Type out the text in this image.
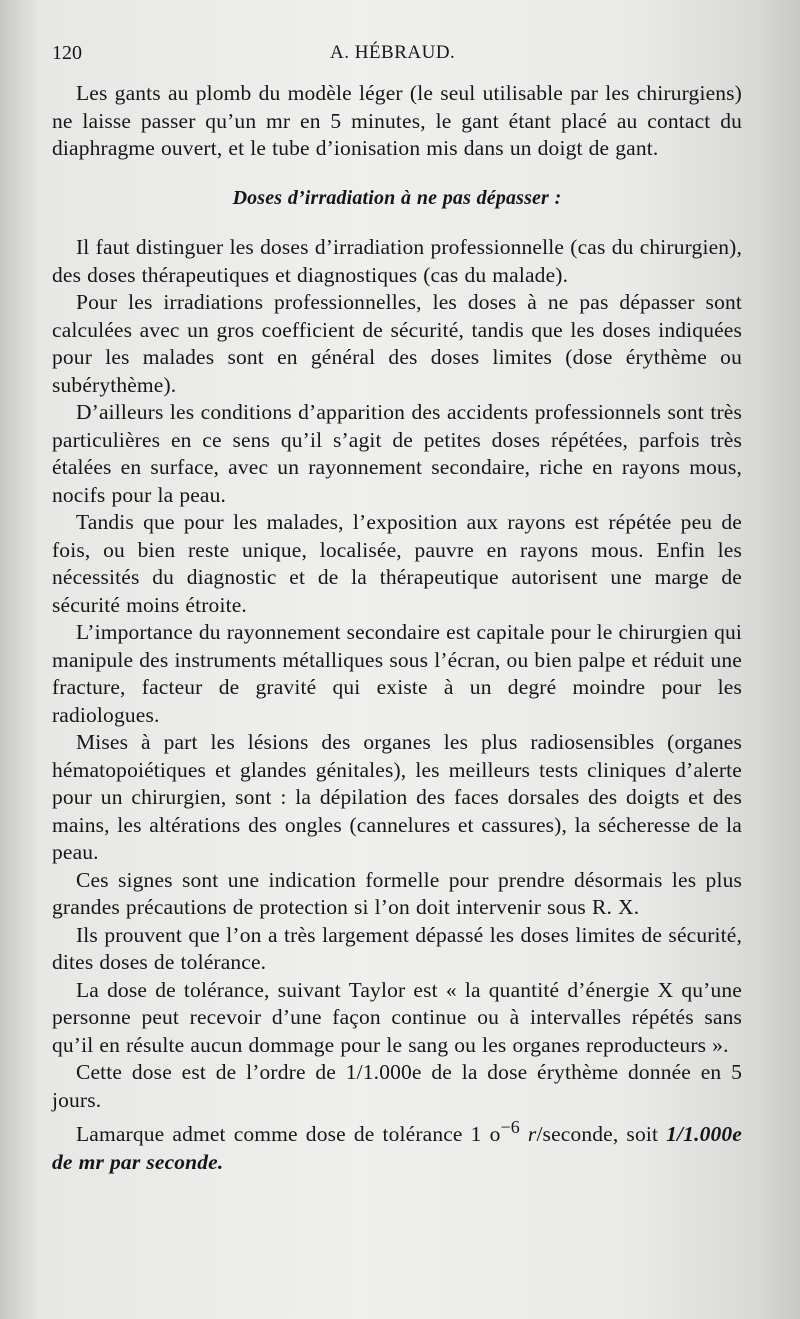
120	A. HÉBRAUD.

Les gants au plomb du modèle léger (le seul utilisable par les chirurgiens) ne laisse passer qu’un mr en 5 minutes, le gant étant placé au contact du diaphragme ouvert, et le tube d’ionisation mis dans un doigt de gant.

Doses d’irradiation à ne pas dépasser :

Il faut distinguer les doses d’irradiation professionnelle (cas du chirurgien), des doses thérapeutiques et diagnostiques (cas du malade).

Pour les irradiations professionnelles, les doses à ne pas dépasser sont calculées avec un gros coefficient de sécurité, tandis que les doses indiquées pour les malades sont en général des doses limites (dose érythème ou subérythème).

D’ailleurs les conditions d’apparition des accidents professionnels sont très particulières en ce sens qu’il s’agit de petites doses répétées, parfois très étalées en surface, avec un rayonnement secondaire, riche en rayons mous, nocifs pour la peau.

Tandis que pour les malades, l’exposition aux rayons est répétée peu de fois, ou bien reste unique, localisée, pauvre en rayons mous. Enfin les nécessités du diagnostic et de la thérapeutique autorisent une marge de sécurité moins étroite.

L’importance du rayonnement secondaire est capitale pour le chirurgien qui manipule des instruments métalliques sous l’écran, ou bien palpe et réduit une fracture, facteur de gravité qui existe à un degré moindre pour les radiologues.

Mises à part les lésions des organes les plus radiosensibles (organes hématopoiétiques et glandes génitales), les meilleurs tests cliniques d’alerte pour un chirurgien, sont : la dépilation des faces dorsales des doigts et des mains, les altérations des ongles (cannelures et cassures), la sécheresse de la peau.

Ces signes sont une indication formelle pour prendre désormais les plus grandes précautions de protection si l’on doit intervenir sous R. X.

Ils prouvent que l’on a très largement dépassé les doses limites de sécurité, dites doses de tolérance.

La dose de tolérance, suivant Taylor est « la quantité d’énergie X qu’une personne peut recevoir d’une façon continue ou à intervalles répétés sans qu’il en résulte aucun dommage pour le sang ou les organes reproducteurs ».

Cette dose est de l’ordre de 1/1.000e de la dose érythème donnée en 5 jours.

Lamarque admet comme dose de tolérance 1 $o^{-6}$ r/seconde, soit 1/1.000e de mr par seconde.
